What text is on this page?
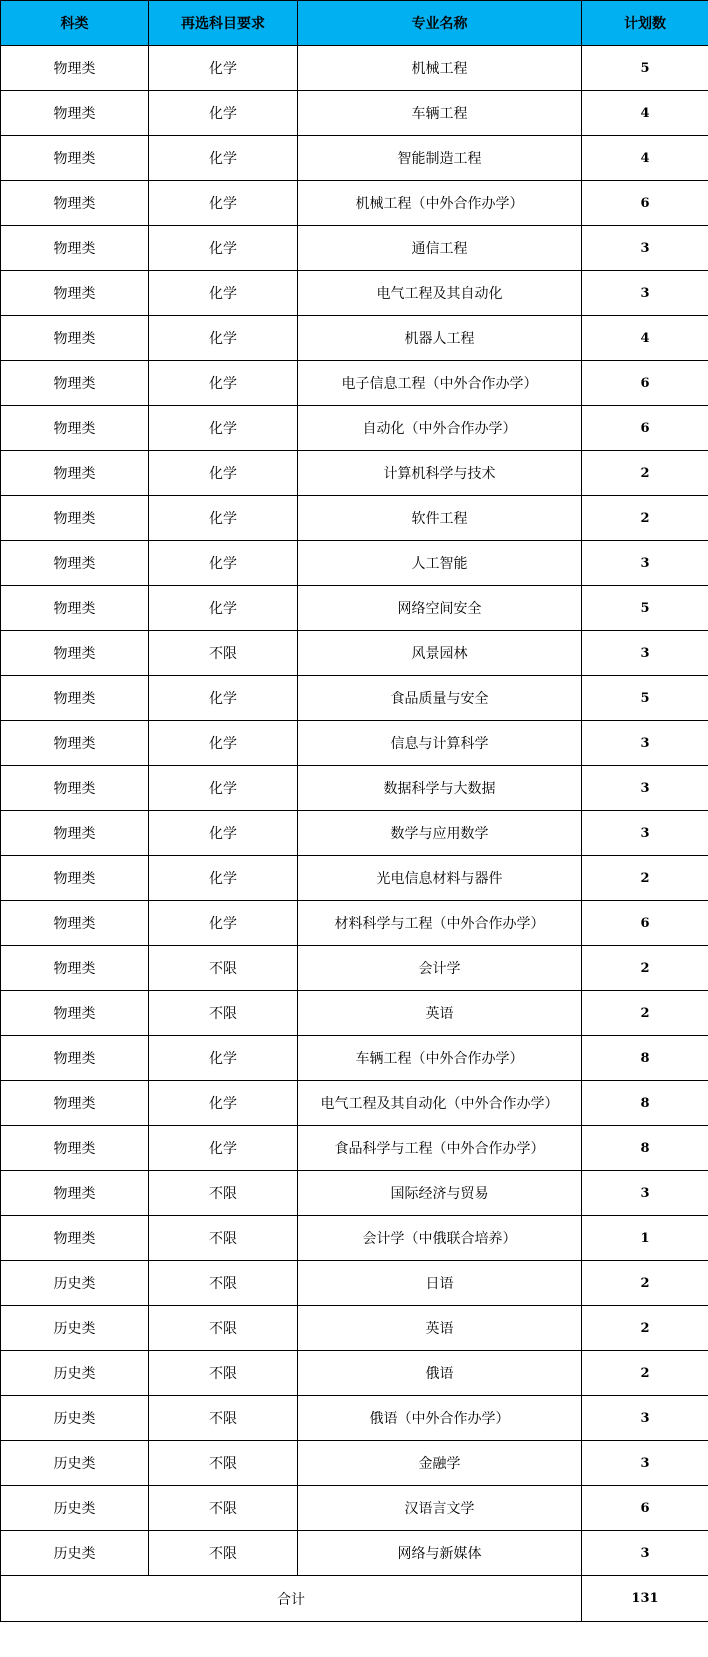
科类	再选科目要求	专业名称	计划数
物理类	化学	机械工程	5
物理类	化学	车辆工程	4
物理类	化学	智能制造工程	4
物理类	化学	机械工程（中外合作办学）	6
物理类	化学	通信工程	3
物理类	化学	电气工程及其自动化	3
物理类	化学	机器人工程	4
物理类	化学	电子信息工程（中外合作办学）	6
物理类	化学	自动化（中外合作办学）	6
物理类	化学	计算机科学与技术	2
物理类	化学	软件工程	2
物理类	化学	人工智能	3
物理类	化学	网络空间安全	5
物理类	不限	风景园林	3
物理类	化学	食品质量与安全	5
物理类	化学	信息与计算科学	3
物理类	化学	数据科学与大数据	3
物理类	化学	数学与应用数学	3
物理类	化学	光电信息材料与器件	2
物理类	化学	材料科学与工程（中外合作办学）	6
物理类	不限	会计学	2
物理类	不限	英语	2
物理类	化学	车辆工程（中外合作办学）	8
物理类	化学	电气工程及其自动化（中外合作办学）	8
物理类	化学	食品科学与工程（中外合作办学）	8
物理类	不限	国际经济与贸易	3
物理类	不限	会计学（中俄联合培养）	1
历史类	不限	日语	2
历史类	不限	英语	2
历史类	不限	俄语	2
历史类	不限	俄语（中外合作办学）	3
历史类	不限	金融学	3
历史类	不限	汉语言文学	6
历史类	不限	网络与新媒体	3
合计			131
